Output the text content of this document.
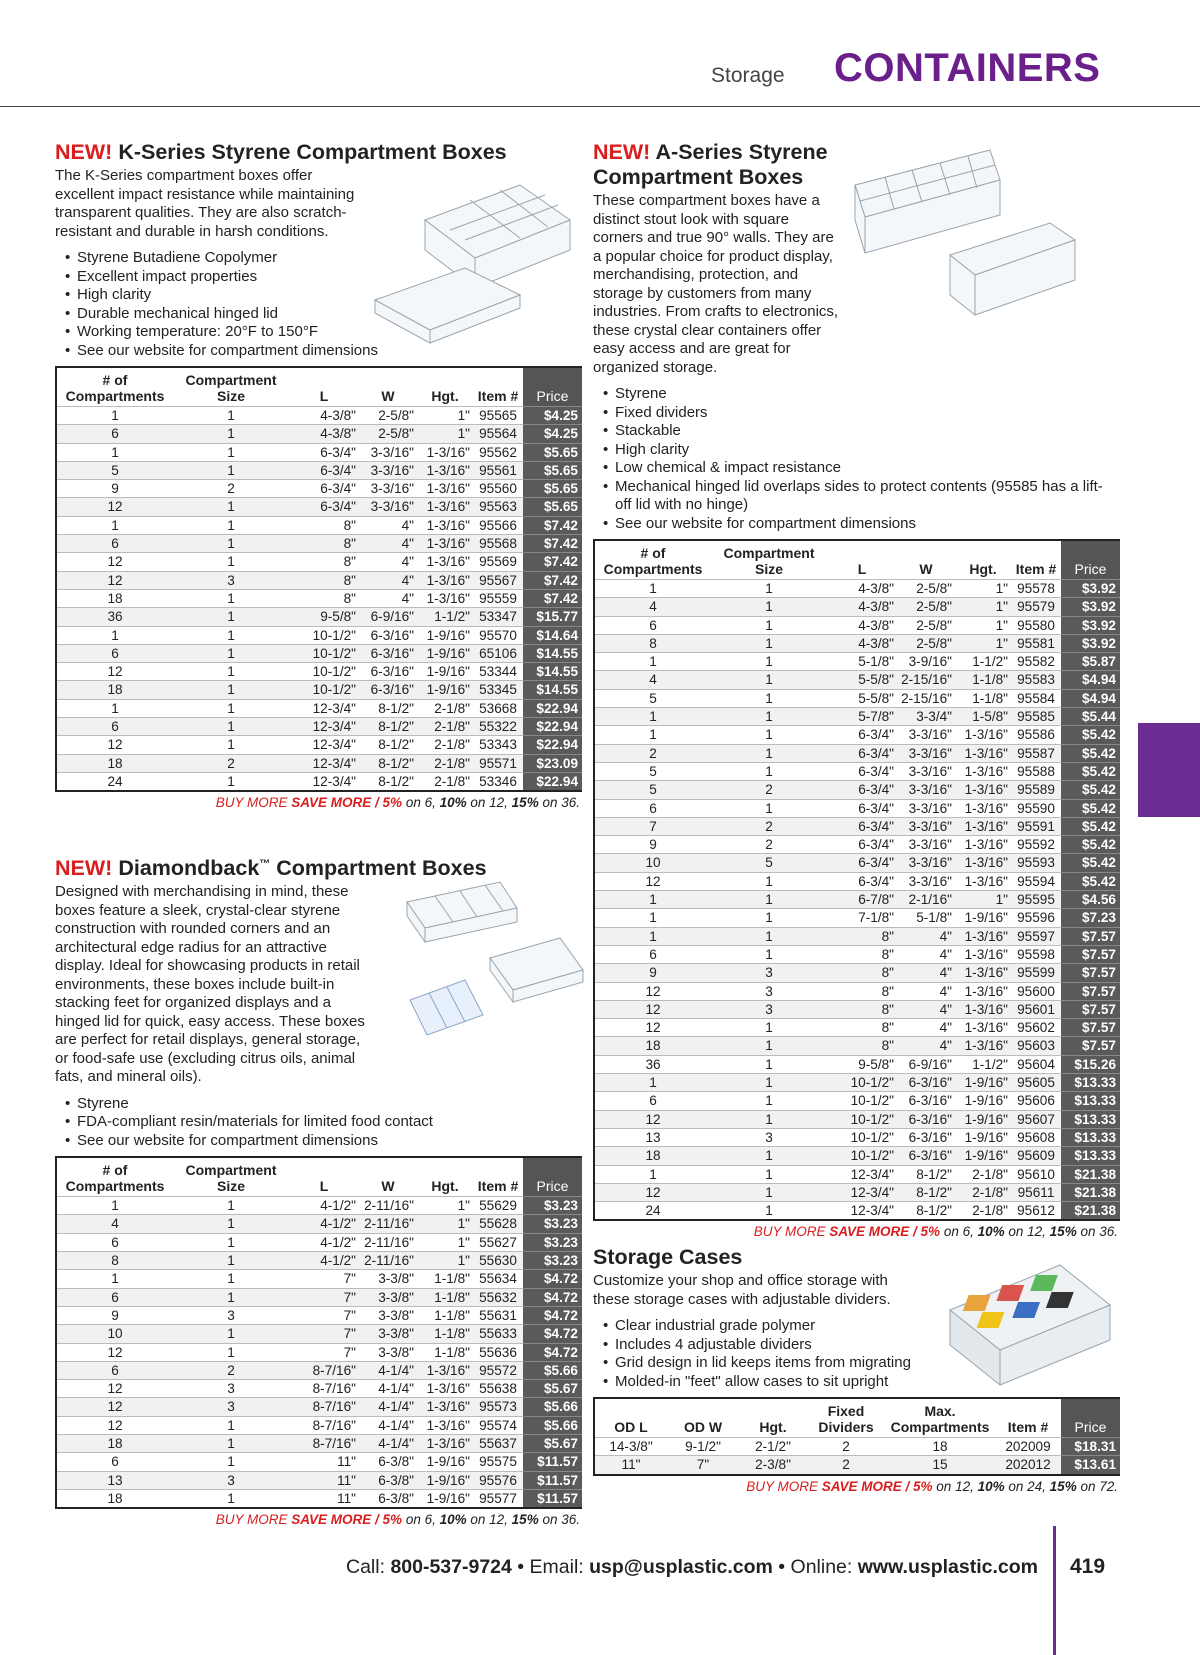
Storage CONTAINERS
NEW! K-Series Styrene Compartment Boxes

The K-Series compartment boxes offer excellent impact resistance while maintaining transparent qualities. They are also scratch-resistant and durable in harsh conditions.

• Styrene Butadiene Copolymer
• Excellent impact properties
• High clarity
• Durable mechanical hinged lid
• Working temperature: 20°F to 150°F
• See our website for compartment dimensions
# of Compartments	Compartment Size	L	W	Hgt.	Item #	Price
1	1	4-3/8"	2-5/8"	1"	95565	$4.25
6	1	4-3/8"	2-5/8"	1"	95564	$4.25
1	1	6-3/4"	3-3/16"	1-3/16"	95562	$5.65
5	1	6-3/4"	3-3/16"	1-3/16"	95561	$5.65
9	2	6-3/4"	3-3/16"	1-3/16"	95560	$5.65
12	1	6-3/4"	3-3/16"	1-3/16"	95563	$5.65
1	1	8"	4"	1-3/16"	95566	$7.42
6	1	8"	4"	1-3/16"	95568	$7.42
12	1	8"	4"	1-3/16"	95569	$7.42
12	3	8"	4"	1-3/16"	95567	$7.42
18	1	8"	4"	1-3/16"	95559	$7.42
36	1	9-5/8"	6-9/16"	1-1/2"	53347	$15.77
1	1	10-1/2"	6-3/16"	1-9/16"	95570	$14.64
6	1	10-1/2"	6-3/16"	1-9/16"	65106	$14.55
12	1	10-1/2"	6-3/16"	1-9/16"	53344	$14.55
18	1	10-1/2"	6-3/16"	1-9/16"	53345	$14.55
1	1	12-3/4"	8-1/2"	2-1/8"	53668	$22.94
6	1	12-3/4"	8-1/2"	2-1/8"	55322	$22.94
12	1	12-3/4"	8-1/2"	2-1/8"	53343	$22.94
18	2	12-3/4"	8-1/2"	2-1/8"	95571	$23.09
24	1	12-3/4"	8-1/2"	2-1/8"	53346	$22.94
BUY MORE SAVE MORE / 5% on 6, 10% on 12, 15% on 36.
NEW! Diamondback™ Compartment Boxes

Designed with merchandising in mind, these boxes feature a sleek, crystal-clear styrene construction with rounded corners and an architectural edge radius for an attractive display. Ideal for showcasing products in retail environments, these boxes include built-in stacking feet for organized displays and a hinged lid for quick, easy access. These boxes are perfect for retail displays, general storage, or food-safe use (excluding citrus oils, animal fats, and mineral oils).

• Styrene
• FDA-compliant resin/materials for limited food contact
• See our website for compartment dimensions
# of Compartments	Compartment Size	L	W	Hgt.	Item #	Price
1	1	4-1/2"	2-11/16"	1"	55629	$3.23
4	1	4-1/2"	2-11/16"	1"	55628	$3.23
6	1	4-1/2"	2-11/16"	1"	55627	$3.23
8	1	4-1/2"	2-11/16"	1"	55630	$3.23
1	1	7"	3-3/8"	1-1/8"	55634	$4.72
6	1	7"	3-3/8"	1-1/8"	55632	$4.72
9	3	7"	3-3/8"	1-1/8"	55631	$4.72
10	1	7"	3-3/8"	1-1/8"	55633	$4.72
12	1	7"	3-3/8"	1-1/8"	55636	$4.72
6	2	8-7/16"	4-1/4"	1-3/16"	95572	$5.66
12	3	8-7/16"	4-1/4"	1-3/16"	55638	$5.67
12	3	8-7/16"	4-1/4"	1-3/16"	95573	$5.66
12	1	8-7/16"	4-1/4"	1-3/16"	95574	$5.66
18	1	8-7/16"	4-1/4"	1-3/16"	55637	$5.67
6	1	11"	6-3/8"	1-9/16"	95575	$11.57
13	3	11"	6-3/8"	1-9/16"	95576	$11.57
18	1	11"	6-3/8"	1-9/16"	95577	$11.57
BUY MORE SAVE MORE / 5% on 6, 10% on 12, 15% on 36.
NEW! A-Series Styrene
Compartment Boxes

These compartment boxes have a distinct stout look with square corners and true 90° walls. They are a popular choice for product display, merchandising, protection, and storage by customers from many industries. From crafts to electronics, these crystal clear containers offer easy access and are great for organized storage.

• Styrene
• Fixed dividers
• Stackable
• High clarity
• Low chemical & impact resistance
• Mechanical hinged lid overlaps sides to protect contents (95585 has a lift-off lid with no hinge)
• See our website for compartment dimensions
# of Compartments	Compartment Size	L	W	Hgt.	Item #	Price
1	1	4-3/8"	2-5/8"	1"	95578	$3.92
4	1	4-3/8"	2-5/8"	1"	95579	$3.92
6	1	4-3/8"	2-5/8"	1"	95580	$3.92
8	1	4-3/8"	2-5/8"	1"	95581	$3.92
1	1	5-1/8"	3-9/16"	1-1/2"	95582	$5.87
4	1	5-5/8"	2-15/16"	1-1/8"	95583	$4.94
5	1	5-5/8"	2-15/16"	1-1/8"	95584	$4.94
1	1	5-7/8"	3-3/4"	1-5/8"	95585	$5.44
1	1	6-3/4"	3-3/16"	1-3/16"	95586	$5.42
2	1	6-3/4"	3-3/16"	1-3/16"	95587	$5.42
5	1	6-3/4"	3-3/16"	1-3/16"	95588	$5.42
5	2	6-3/4"	3-3/16"	1-3/16"	95589	$5.42
6	1	6-3/4"	3-3/16"	1-3/16"	95590	$5.42
7	2	6-3/4"	3-3/16"	1-3/16"	95591	$5.42
9	2	6-3/4"	3-3/16"	1-3/16"	95592	$5.42
10	5	6-3/4"	3-3/16"	1-3/16"	95593	$5.42
12	1	6-3/4"	3-3/16"	1-3/16"	95594	$5.42
1	1	6-7/8"	2-1/16"	1"	95595	$4.56
1	1	7-1/8"	5-1/8"	1-9/16"	95596	$7.23
1	1	8"	4"	1-3/16"	95597	$7.57
6	1	8"	4"	1-3/16"	95598	$7.57
9	3	8"	4"	1-3/16"	95599	$7.57
12	3	8"	4"	1-3/16"	95600	$7.57
12	3	8"	4"	1-3/16"	95601	$7.57
12	1	8"	4"	1-3/16"	95602	$7.57
18	1	8"	4"	1-3/16"	95603	$7.57
36	1	9-5/8"	6-9/16"	1-1/2"	95604	$15.26
1	1	10-1/2"	6-3/16"	1-9/16"	95605	$13.33
6	1	10-1/2"	6-3/16"	1-9/16"	95606	$13.33
12	1	10-1/2"	6-3/16"	1-9/16"	95607	$13.33
13	3	10-1/2"	6-3/16"	1-9/16"	95608	$13.33
18	1	10-1/2"	6-3/16"	1-9/16"	95609	$13.33
1	1	12-3/4"	8-1/2"	2-1/8"	95610	$21.38
12	1	12-3/4"	8-1/2"	2-1/8"	95611	$21.38
24	1	12-3/4"	8-1/2"	2-1/8"	95612	$21.38
BUY MORE SAVE MORE / 5% on 6, 10% on 12, 15% on 36.
Storage Cases

Customize your shop and office storage with these storage cases with adjustable dividers.

• Clear industrial grade polymer
• Includes 4 adjustable dividers
• Grid design in lid keeps items from migrating
• Molded-in "feet" allow cases to sit upright
OD L	OD W	Hgt.	Fixed Dividers	Max. Compartments	Item #	Price
14-3/8"	9-1/2"	2-1/2"	2	18	202009	$18.31
11"	7"	2-3/8"	2	15	202012	$13.61
BUY MORE SAVE MORE / 5% on 12, 10% on 24, 15% on 72.
Call: 800-537-9724 • Email: usp@usplastic.com • Online: www.usplastic.com 419
